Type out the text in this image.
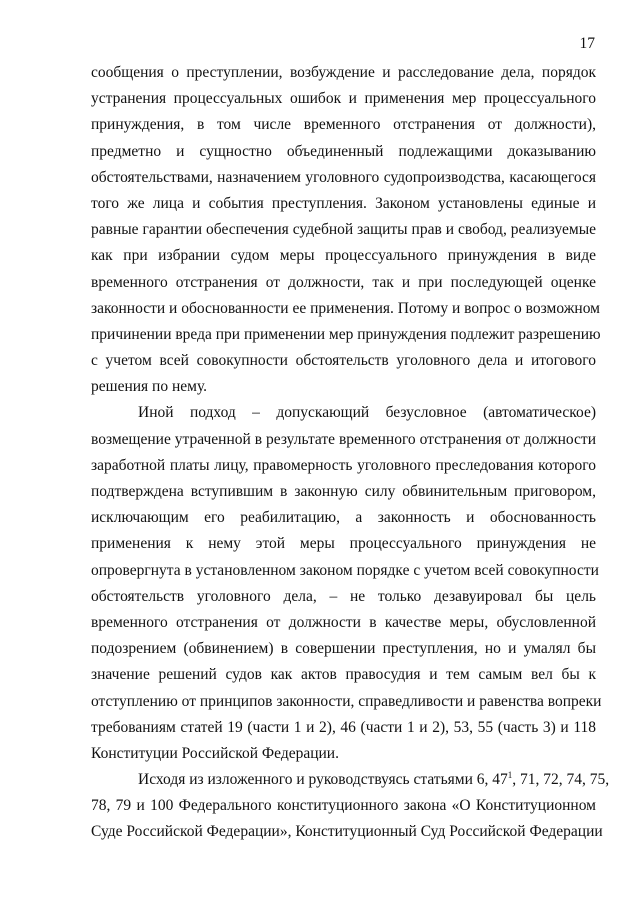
17
сообщения о преступлении, возбуждение и расследование дела, порядок
устранения процессуальных ошибок и применения мер процессуального
принуждения, в том числе временного отстранения от должности),
предметно и сущностно объединенный подлежащими доказыванию
обстоятельствами, назначением уголовного судопроизводства, касающегося
того же лица и события преступления. Законом установлены единые и
равные гарантии обеспечения судебной защиты прав и свобод, реализуемые
как при избрании судом меры процессуального принуждения в виде
временного отстранения от должности, так и при последующей оценке
законности и обоснованности ее применения. Потому и вопрос о возможном
причинении вреда при применении мер принуждения подлежит разрешению
с учетом всей совокупности обстоятельств уголовного дела и итогового
решения по нему.
Иной подход – допускающий безусловное (автоматическое)
возмещение утраченной в результате временного отстранения от должности
заработной платы лицу, правомерность уголовного преследования которого
подтверждена вступившим в законную силу обвинительным приговором,
исключающим его реабилитацию, а законность и обоснованность
применения к нему этой меры процессуального принуждения не
опровергнута в установленном законом порядке с учетом всей совокупности
обстоятельств уголовного дела, – не только дезавуировал бы цель
временного отстранения от должности в качестве меры, обусловленной
подозрением (обвинением) в совершении преступления, но и умалял бы
значение решений судов как актов правосудия и тем самым вел бы к
отступлению от принципов законности, справедливости и равенства вопреки
требованиям статей 19 (части 1 и 2), 46 (части 1 и 2), 53, 55 (часть 3) и 118
Конституции Российской Федерации.
Исходя из изложенного и руководствуясь статьями 6, $47^1$, 71, 72, 74, 75,
78, 79 и 100 Федерального конституционного закона «О Конституционном
Суде Российской Федерации», Конституционный Суд Российской Федерации
